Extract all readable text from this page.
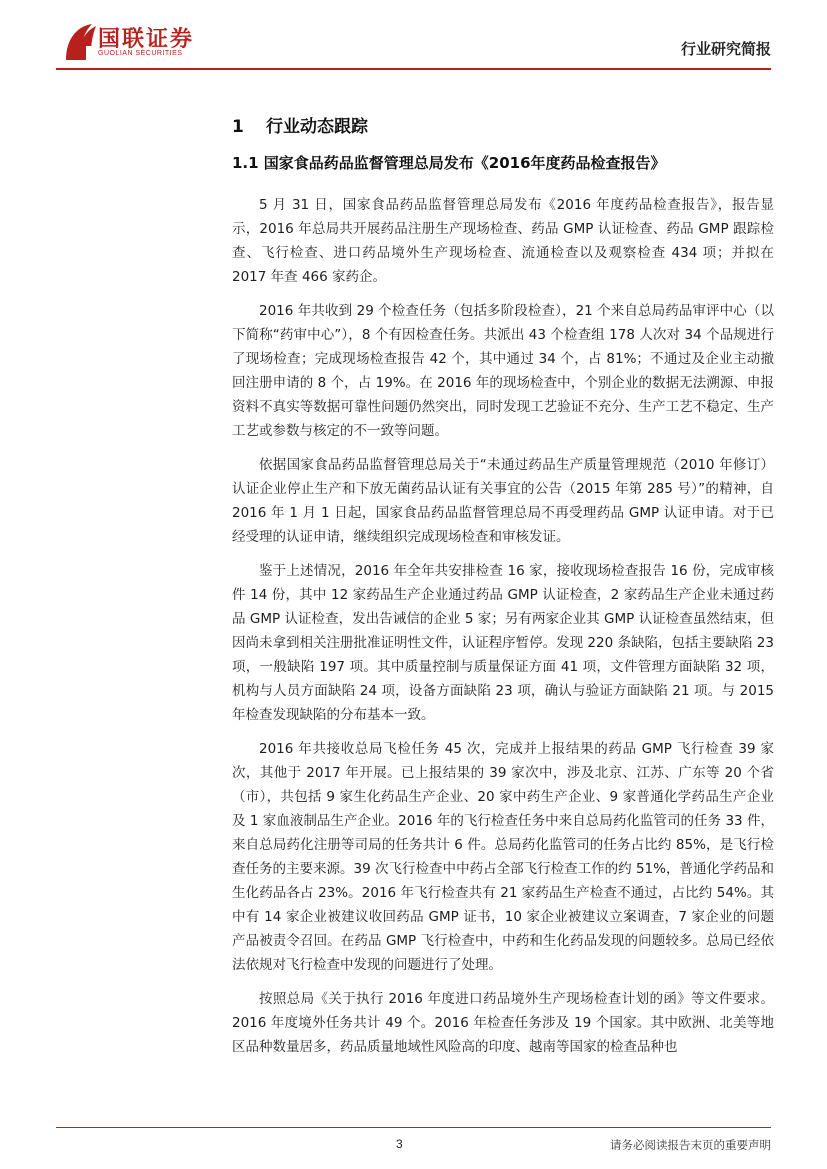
国联证券
GUOLIAN SECURITIES	行业研究简报
1 行业动态跟踪
1.1 国家食品药品监督管理总局发布《2016年度药品检查报告》

5 月 31 日，国家食品药品监督管理总局发布《2016 年度药品检查报告》，报告显示，2016 年总局共开展药品注册生产现场检查、药品 GMP 认证检查、药品 GMP 跟踪检查、飞行检查、进口药品境外生产现场检查、流通检查以及观察检查 434 项；并拟在 2017 年查 466 家药企。

2016 年共收到 29 个检查任务（包括多阶段检查），21 个来自总局药品审评中心（以下简称“药审中心”），8 个有因检查任务。共派出 43 个检查组 178 人次对 34 个品规进行了现场检查；完成现场检查报告 42 个，其中通过 34 个，占 81%；不通过及企业主动撤回注册申请的 8 个，占 19%。在 2016 年的现场检查中，个别企业的数据无法溯源、申报资料不真实等数据可靠性问题仍然突出，同时发现工艺验证不充分、生产工艺不稳定、生产工艺或参数与核定的不一致等问题。

依据国家食品药品监督管理总局关于“未通过药品生产质量管理规范（2010 年修订）认证企业停止生产和下放无菌药品认证有关事宜的公告（2015 年第 285 号）”的精神，自 2016 年 1 月 1 日起，国家食品药品监督管理总局不再受理药品 GMP 认证申请。对于已经受理的认证申请，继续组织完成现场检查和审核发证。

鉴于上述情况，2016 年全年共安排检查 16 家，接收现场检查报告 16 份，完成审核件 14 份，其中 12 家药品生产企业通过药品 GMP 认证检查，2 家药品生产企业未通过药品 GMP 认证检查，发出告诫信的企业 5 家；另有两家企业其 GMP 认证检查虽然结束，但因尚未拿到相关注册批准证明性文件，认证程序暂停。发现 220 条缺陷，包括主要缺陷 23 项，一般缺陷 197 项。其中质量控制与质量保证方面 41 项，文件管理方面缺陷 32 项，机构与人员方面缺陷 24 项，设备方面缺陷 23 项，确认与验证方面缺陷 21 项。与 2015 年检查发现缺陷的分布基本一致。

2016 年共接收总局飞检任务 45 次，完成并上报结果的药品 GMP 飞行检查 39 家次，其他于 2017 年开展。已上报结果的 39 家次中，涉及北京、江苏、广东等 20 个省（市），共包括 9 家生化药品生产企业、20 家中药生产企业、9 家普通化学药品生产企业及 1 家血液制品生产企业。2016 年的飞行检查任务中来自总局药化监管司的任务 33 件，来自总局药化注册等司局的任务共计 6 件。总局药化监管司的任务占比约 85%，是飞行检查任务的主要来源。39 次飞行检查中中药占全部飞行检查工作的约 51%，普通化学药品和生化药品各占 23%。2016 年飞行检查共有 21 家药品生产检查不通过，占比约 54%。其中有 14 家企业被建议收回药品 GMP 证书，10 家企业被建议立案调查，7 家企业的问题产品被责令召回。在药品 GMP 飞行检查中，中药和生化药品发现的问题较多。总局已经依法依规对飞行检查中发现的问题进行了处理。

按照总局《关于执行 2016 年度进口药品境外生产现场检查计划的函》等文件要求。2016 年度境外任务共计 49 个。2016 年检查任务涉及 19 个国家。其中欧洲、北美等地区品种数量居多，药品质量地域性风险高的印度、越南等国家的检查品种也

3	请务必阅读报告末页的重要声明
